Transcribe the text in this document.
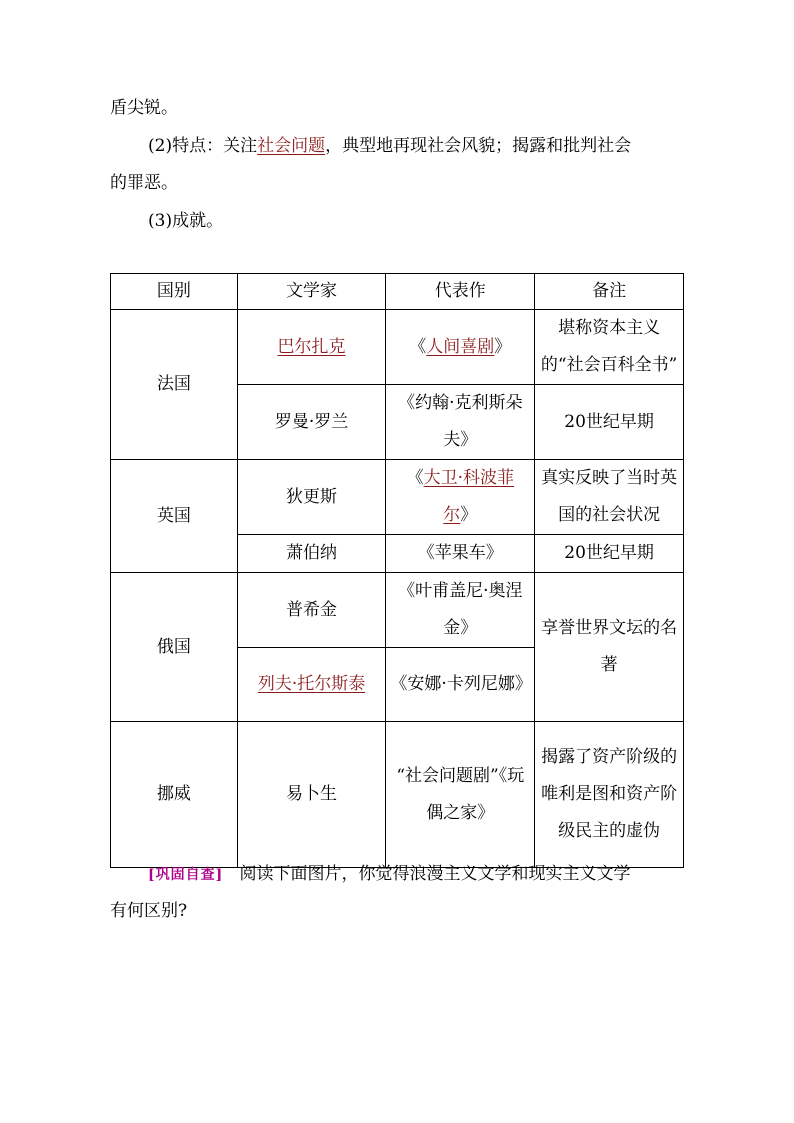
盾尖锐。
(2)特点：关注社会问题，典型地再现社会风貌；揭露和批判社会
的罪恶。
(3)成就。
国别	文学家	代表作	备注
法国	巴尔扎克	《人间喜剧》	堪称资本主义的“社会百科全书”
	罗曼·罗兰	《约翰·克利斯朵夫》	20世纪早期
英国	狄更斯	《大卫·科波菲尔》	真实反映了当时英国的社会状况
	萧伯纳	《苹果车》	20世纪早期
俄国	普希金	《叶甫盖尼·奥涅金》	享誉世界文坛的名著
	列夫·托尔斯泰	《安娜·卡列尼娜》	
挪威	易卜生	“社会问题剧”《玩偶之家》	揭露了资产阶级的唯利是图和资产阶级民主的虚伪
[巩固自查] 阅读下面图片，你觉得浪漫主义文学和现实主义文学
有何区别?
